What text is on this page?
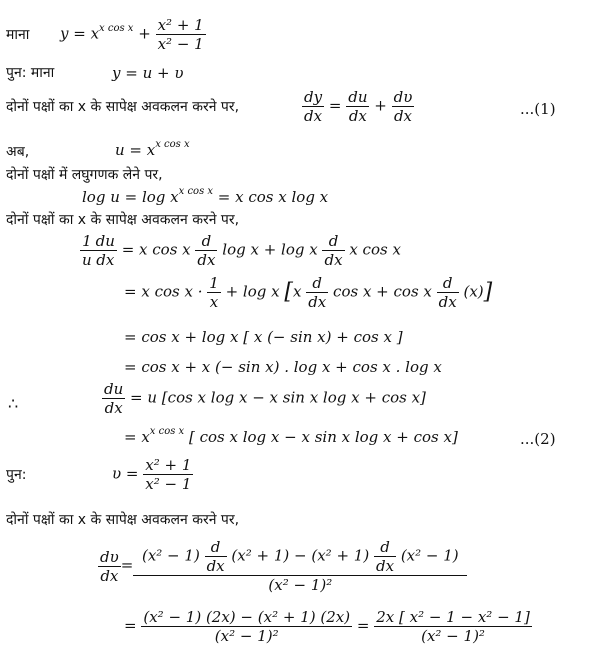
माना $y = x^{x cos x} + \frac{\text{x² + 1}}{\text{x² − 1}}$
पुन: माना	y = u + υ
दोनों पक्षों का x के सापेक्ष अवकलन करने पर,	$\frac{dy}{dx} = \frac{du}{dx} + \frac{d\upsilon}{dx}$	...(1)
अब,	$u = x^{x cos x}$
दोनों पक्षों में लघुगणक लेने पर,
$\log u = \log x^{x cos x} = x$ cos x log x
दोनों पक्षों का x के सापेक्ष अवकलन करने पर,
$\frac{1}{u} \frac{du}{dx} = x$ cos x $\frac{d}{dx}$ log x + log x $\frac{d}{dx}$ x cos x
= x $\cos x \cdot \frac{1}{x} + \log x$ [$x \frac{d}{dx}$ cos x + cos x $\frac{d}{dx} (x)$]
= cos x + log x [ x (− sin x) + cos x ]
= cos x + x (− sin x) . log x + cos x . log x
∴	$\frac{du}{dx} = u$ [cos x log x − x sin x log x + cos x]
= $x^{x cos x}$ [ cos x log x − x sin x log x + cos x]	...(2)
पुन:	$\upsilon = \frac{\text{x² + 1}}{\text{x² − 1}}$
दोनों पक्षों का x के सापेक्ष अवकलन करने पर,
$\frac{d\upsilon}{dx}$ =
$(x^2 - 1) \frac{d}{dx} (x^2 + 1) - (x^2 + 1) \frac{d}{dx} (x^2 - 1)$
(x² − 1)²
= $\frac{\text{(x² − 1) (2x) − (x² + 1) (2x)}}{\text{(x² − 1)²}} = \frac{\text{2x [ x² − 1 − x² − 1]}}{\text{(x² − 1)²}}$
